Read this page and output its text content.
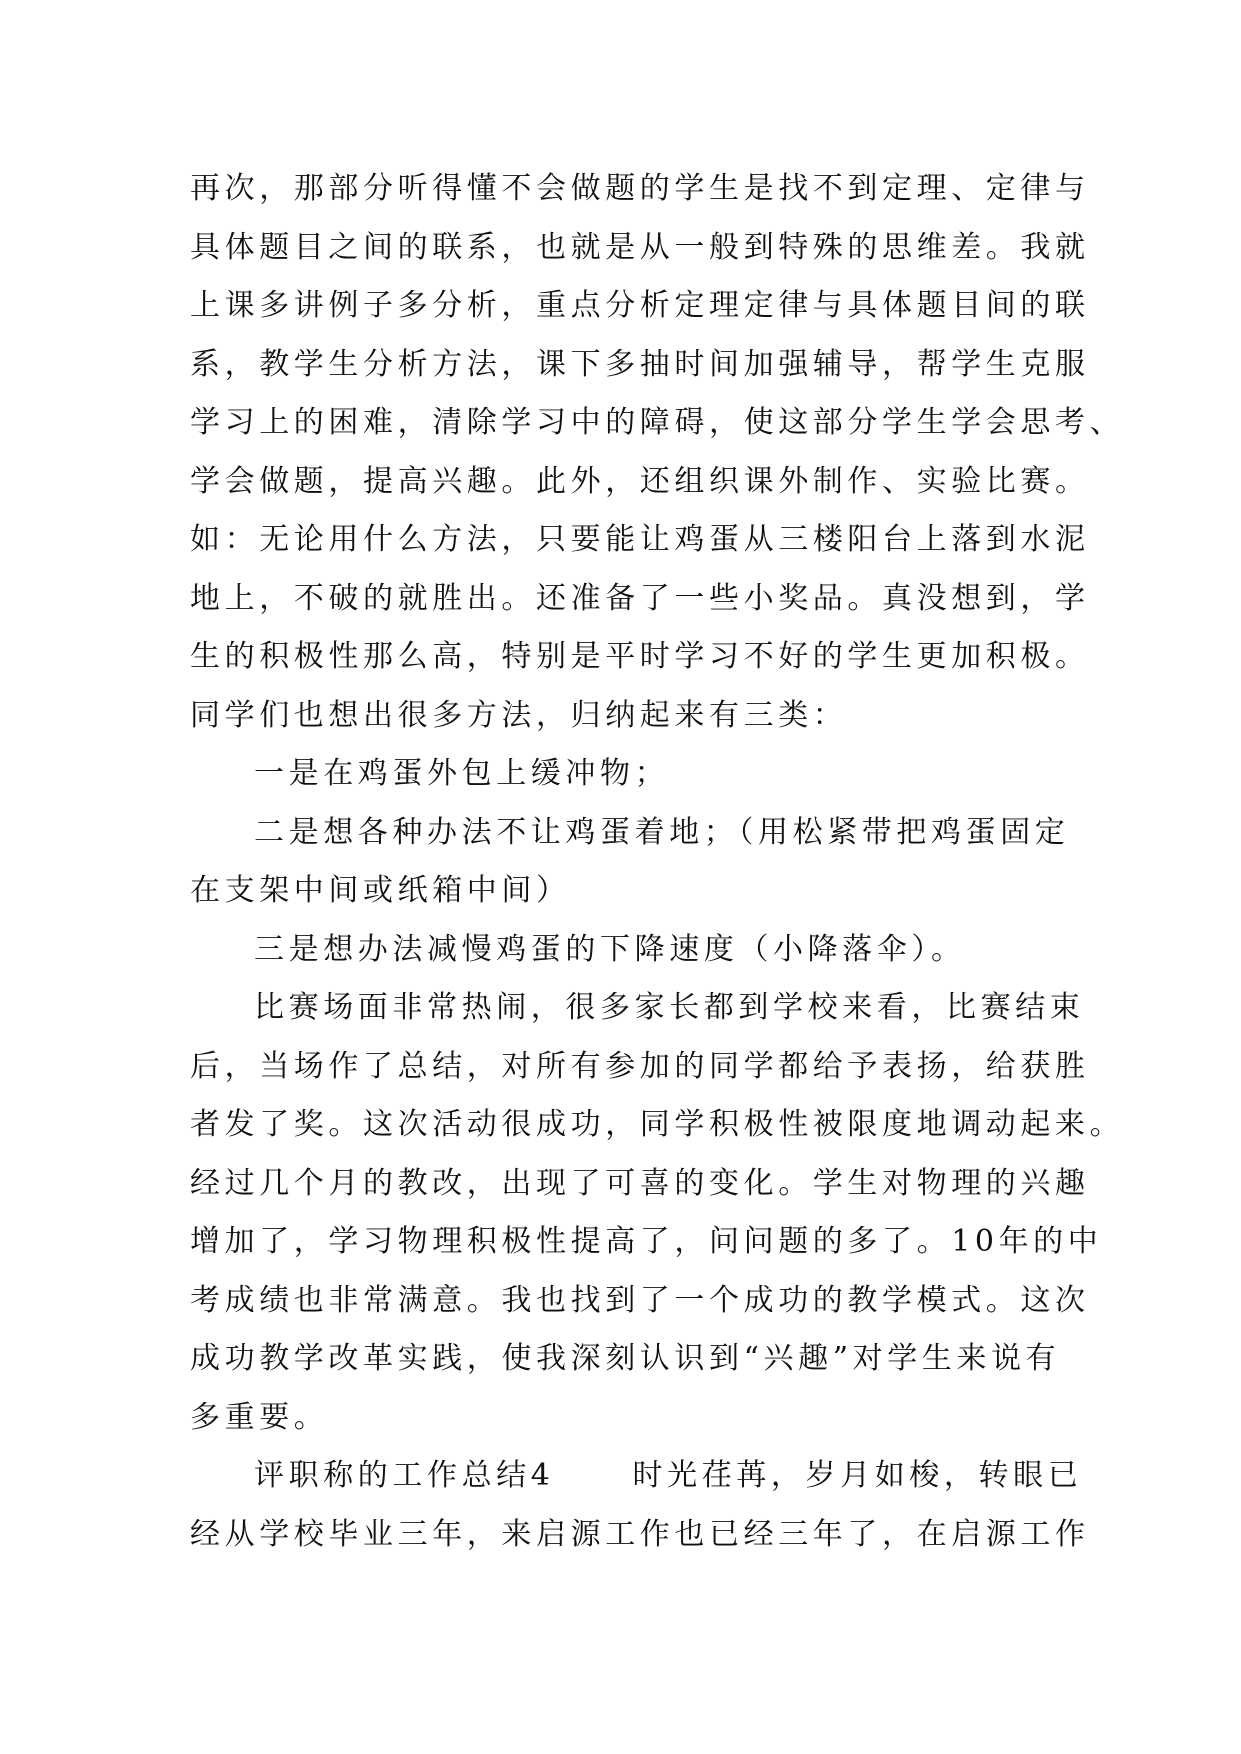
再次，那部分听得懂不会做题的学生是找不到定理、定律与
具体题目之间的联系，也就是从一般到特殊的思维差。我就
上课多讲例子多分析，重点分析定理定律与具体题目间的联
系，教学生分析方法，课下多抽时间加强辅导，帮学生克服
学习上的困难，清除学习中的障碍，使这部分学生学会思考、
学会做题，提高兴趣。此外，还组织课外制作、实验比赛。
如：无论用什么方法，只要能让鸡蛋从三楼阳台上落到水泥
地上，不破的就胜出。还准备了一些小奖品。真没想到，学
生的积极性那么高，特别是平时学习不好的学生更加积极。
同学们也想出很多方法，归纳起来有三类：
一是在鸡蛋外包上缓冲物；
二是想各种办法不让鸡蛋着地；（用松紧带把鸡蛋固定
在支架中间或纸箱中间）
三是想办法减慢鸡蛋的下降速度（小降落伞）。
比赛场面非常热闹，很多家长都到学校来看，比赛结束
后，当场作了总结，对所有参加的同学都给予表扬，给获胜
者发了奖。这次活动很成功，同学积极性被限度地调动起来。
经过几个月的教改，出现了可喜的变化。学生对物理的兴趣
增加了，学习物理积极性提高了，问问题的多了。10年的中
考成绩也非常满意。我也找到了一个成功的教学模式。这次
成功教学改革实践，使我深刻认识到“兴趣”对学生来说有
多重要。
评职称的工作总结4	时光荏苒，岁月如梭，转眼已
经从学校毕业三年，来启源工作也已经三年了，在启源工作
